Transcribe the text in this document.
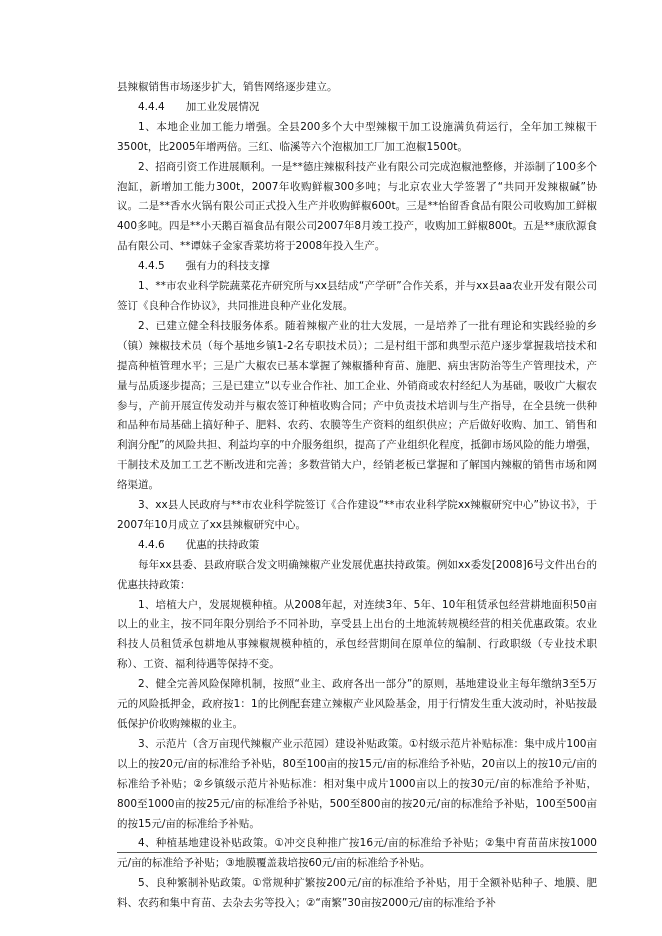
县辣椒销售市场逐步扩大，销售网络逐步建立。

4.4.4　　加工业发展情况

1、本地企业加工能力增强。全县200多个大中型辣椒干加工设施满负荷运行，全年加工辣椒干3500t，比2005年增两倍。三红、临溪等六个泡椒加工厂加工泡椒1500t。

2、招商引资工作进展顺利。一是**德庄辣椒科技产业有限公司完成泡椒池整修，并添制了100多个泡缸，新增加工能力300t，2007年收购鲜椒300多吨；与北京农业大学签署了“共同开发辣椒碱”协议。二是**香水火锅有限公司正式投入生产并收购鲜椒600t。三是**怡留香食品有限公司收购加工鲜椒400多吨。四是**小天鹅百福食品有限公司2007年8月竣工投产，收购加工鲜椒800t。五是**康欣源食品有限公司、**谭妹子金家香菜坊将于2008年投入生产。

4.4.5　　强有力的科技支撑

1、**市农业科学院蔬菜花卉研究所与xx县结成“产学研”合作关系，并与xx县aa农业开发有限公司签订《良种合作协议》，共同推进良种产业化发展。

2、已建立健全科技服务体系。随着辣椒产业的壮大发展，一是培养了一批有理论和实践经验的乡（镇）辣椒技术员（每个基地乡镇1-2名专职技术员）；二是村组干部和典型示范户逐步掌握栽培技术和提高种植管理水平；三是广大椒农已基本掌握了辣椒播种育苗、施肥、病虫害防治等生产管理技术，产量与品质逐步提高；三是已建立“以专业合作社、加工企业、外销商或农村经纪人为基础，吸收广大椒农参与，产前开展宣传发动并与椒农签订种植收购合同；产中负责技术培训与生产指导，在全县统一供种和品种布局基础上搞好种子、肥料、农药、农膜等生产资料的组织供应；产后做好收购、加工、销售和利润分配”的风险共担、利益均享的中介服务组织，提高了产业组织化程度，抵御市场风险的能力增强，干制技术及加工工艺不断改进和完善；多数营销大户，经销老板已掌握和了解国内辣椒的销售市场和网络渠道。

3、xx县人民政府与**市农业科学院签订《合作建设“**市农业科学院xx辣椒研究中心”协议书》，于2007年10月成立了xx县辣椒研究中心。

4.4.6　　优惠的扶持政策

每年xx县委、县政府联合发文明确辣椒产业发展优惠扶持政策。例如xx委发[2008]6号文件出台的优惠扶持政策：

1、培植大户，发展规模种植。从2008年起，对连续3年、5年、10年租赁承包经营耕地面积50亩以上的业主，按不同年限分别给予不同补助，享受县上出台的土地流转规模经营的相关优惠政策。农业科技人员租赁承包耕地从事辣椒规模种植的，承包经营期间在原单位的编制、行政职级（专业技术职称）、工资、福利待遇等保持不变。

2、健全完善风险保障机制，按照“业主、政府各出一部分”的原则，基地建设业主每年缴纳3至5万元的风险抵押金，政府按1：1的比例配套建立辣椒产业风险基金，用于行情发生重大波动时，补贴按最低保护价收购辣椒的业主。

3、示范片（含万亩现代辣椒产业示范园）建设补贴政策。①村级示范片补贴标准：集中成片100亩以上的按20元/亩的标准给予补贴，80至100亩的按15元/亩的标准给予补贴，20亩以上的按10元/亩的标准给予补贴；②乡镇级示范片补贴标准：相对集中成片1000亩以上的按30元/亩的标准给予补贴，800至1000亩的按25元/亩的标准给予补贴，500至800亩的按20元/亩的标准给予补贴，100至500亩的按15元/亩的标准给予补贴。

4、种植基地建设补贴政策。①冲交良种推广按16元/亩的标准给予补贴；②集中育苗苗床按1000元/亩的标准给予补贴；③地膜覆盖栽培按60元/亩的标准给予补贴。

5、良种繁制补贴政策。①常规种扩繁按200元/亩的标准给予补贴，用于全额补贴种子、地膜、肥料、农药和集中育苗、去杂去劣等投入；②“南繁”30亩按2000元/亩的标准给予补
